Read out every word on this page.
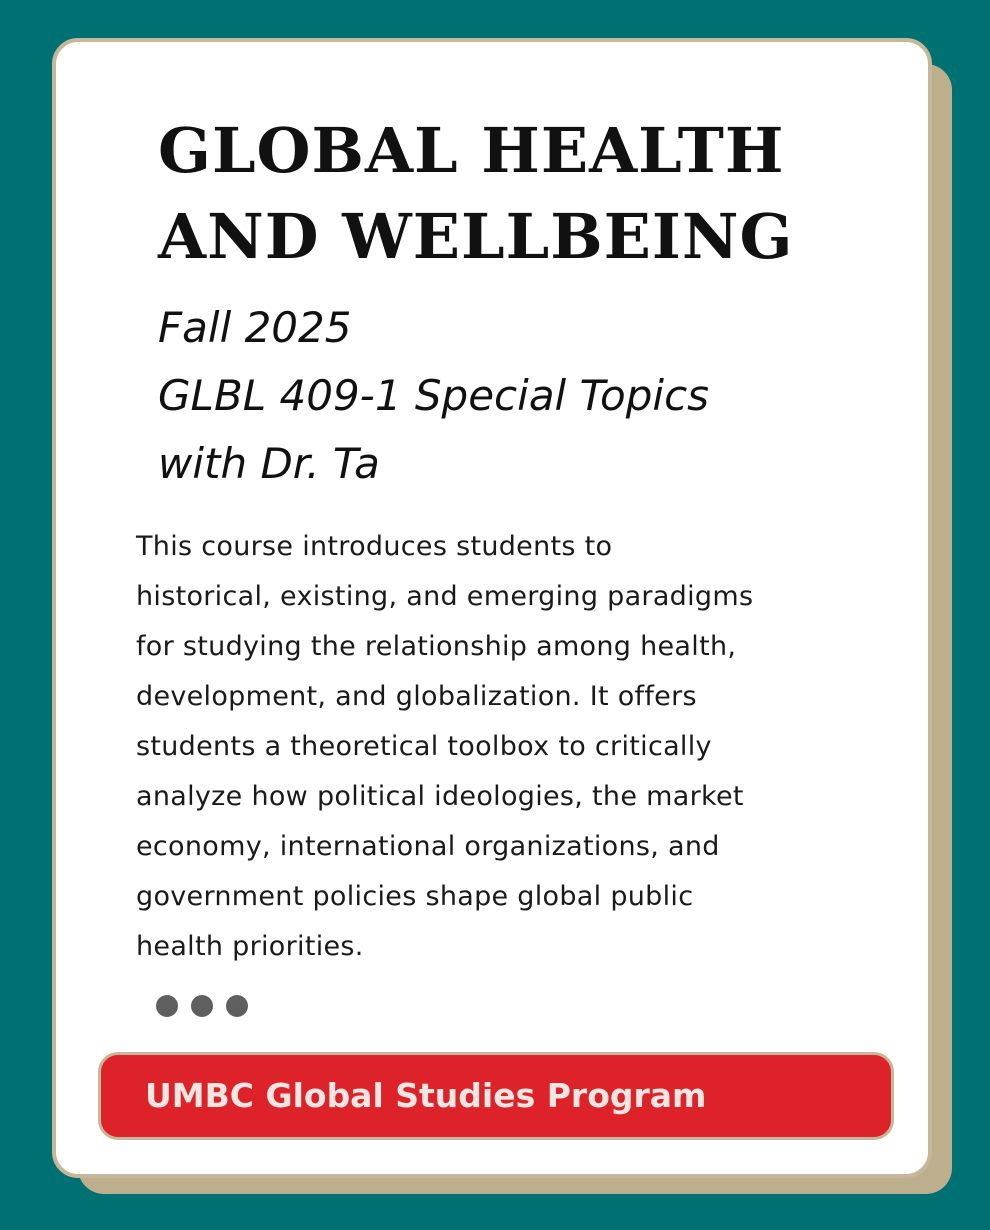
GLOBAL HEALTH
AND WELLBEING
Fall 2025
GLBL 409-1 Special Topics
with Dr. Ta

This course introduces students to
historical, existing, and emerging paradigms
for studying the relationship among health,
development, and globalization. It offers
students a theoretical toolbox to critically
analyze how political ideologies, the market
economy, international organizations, and
government policies shape global public
health priorities.

UMBC Global Studies Program
